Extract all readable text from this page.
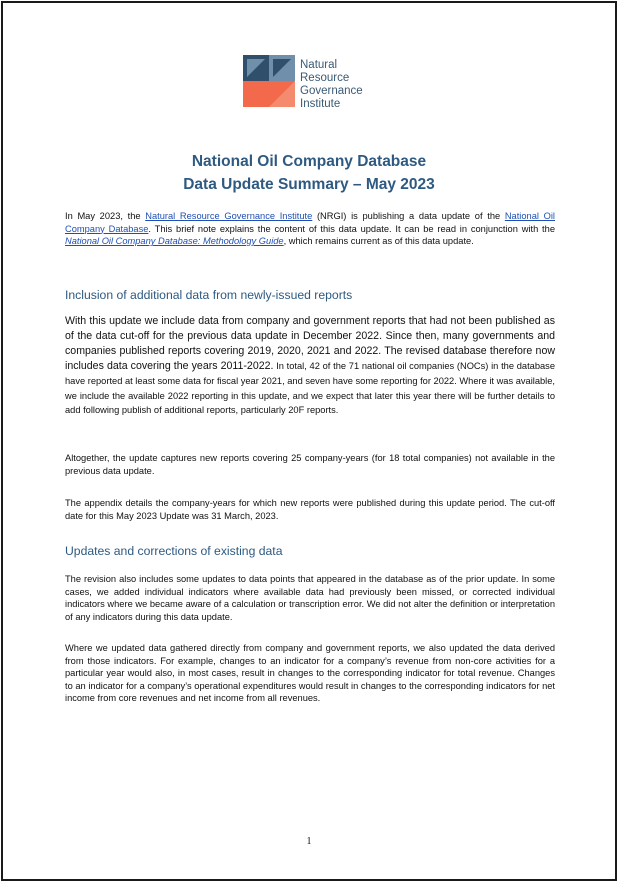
Natural
Resource
Governance
Institute
National Oil Company Database
Data Update Summary – May 2023
In May 2023, the Natural Resource Governance Institute (NRGI) is publishing a data update of the National Oil Company Database. This brief note explains the content of this data update. It can be read in conjunction with the National Oil Company Database: Methodology Guide, which remains current as of this data update.
Inclusion of additional data from newly-issued reports
With this update we include data from company and government reports that had not been published as of the data cut-off for the previous data update in December 2022. Since then, many governments and companies published reports covering 2019, 2020, 2021 and 2022. The revised database therefore now includes data covering the years 2011-2022. In total, 42 of the 71 national oil companies (NOCs) in the database have reported at least some data for fiscal year 2021, and seven have some reporting for 2022. Where it was available, we include the available 2022 reporting in this update, and we expect that later this year there will be further details to add following publish of additional reports, particularly 20F reports.
Altogether, the update captures new reports covering 25 company-years (for 18 total companies) not available in the previous data update.
The appendix details the company-years for which new reports were published during this update period. The cut-off date for this May 2023 Update was 31 March, 2023.
Updates and corrections of existing data
The revision also includes some updates to data points that appeared in the database as of the prior update. In some cases, we added individual indicators where available data had previously been missed, or corrected individual indicators where we became aware of a calculation or transcription error. We did not alter the definition or interpretation of any indicators during this data update.
Where we updated data gathered directly from company and government reports, we also updated the data derived from those indicators. For example, changes to an indicator for a company’s revenue from non-core activities for a particular year would also, in most cases, result in changes to the corresponding indicator for total revenue. Changes to an indicator for a company’s operational expenditures would result in changes to the corresponding indicators for net income from core revenues and net income from all revenues.
1
